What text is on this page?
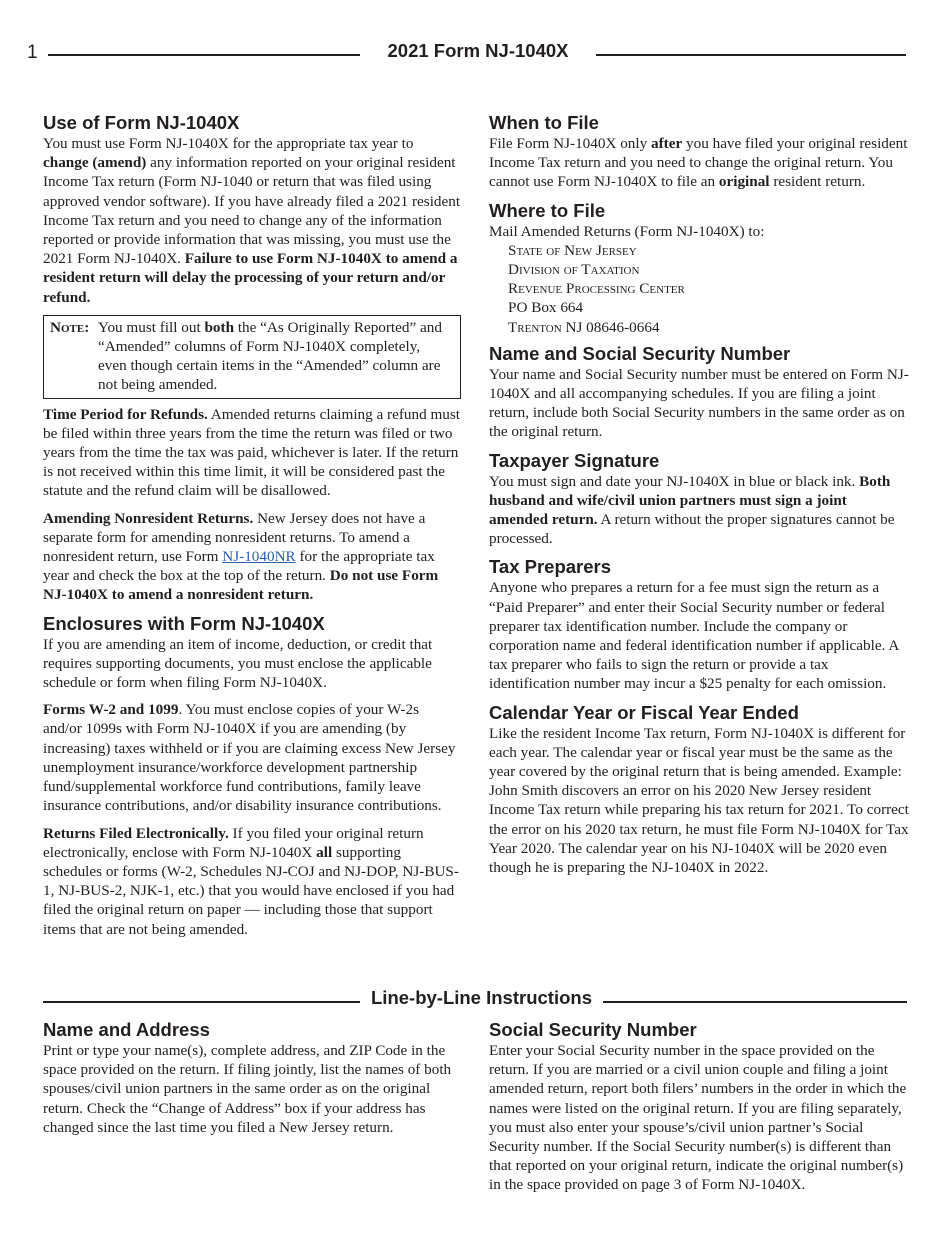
1	2021 Form NJ-1040X
Use of Form NJ-1040X

You must use Form NJ-1040X for the appropriate tax year to change (amend) any information reported on your original resident Income Tax return (Form NJ-1040 or return that was filed using approved vendor software). If you have already filed a 2021 resident Income Tax return and you need to change any of the information reported or provide information that was missing, you must use the 2021 Form NJ-1040X. Failure to use Form NJ-1040X to amend a resident return will delay the processing of your return and/or refund.

Note: You must fill out both the “As Originally Reported” and “Amended” columns of Form NJ-1040X completely, even though certain items in the “Amended” column are not being amended.

Time Period for Refunds. Amended returns claiming a refund must be filed within three years from the time the return was filed or two years from the time the tax was paid, whichever is later. If the return is not received within this time limit, it will be considered past the statute and the refund claim will be disallowed.

Amending Nonresident Returns. New Jersey does not have a separate form for amending nonresident returns. To amend a nonresident return, use Form NJ-1040NR for the appropriate tax year and check the box at the top of the return. Do not use Form NJ-1040X to amend a nonresident return.

Enclosures with Form NJ-1040X

If you are amending an item of income, deduction, or credit that requires supporting documents, you must enclose the applicable schedule or form when filing Form NJ-1040X.

Forms W-2 and 1099. You must enclose copies of your W-2s and/or 1099s with Form NJ-1040X if you are amending (by increasing) taxes withheld or if you are claiming excess New Jersey unemployment insurance/workforce development partnership fund/supplemental workforce fund contributions, family leave insurance contributions, and/or disability insurance contributions.

Returns Filed Electronically. If you filed your original return electronically, enclose with Form NJ-1040X all supporting schedules or forms (W-2, Schedules NJ-COJ and NJ-DOP, NJ-BUS-1, NJ-BUS-2, NJK-1, etc.) that you would have enclosed if you had filed the original return on paper — including those that support items that are not being amended.

When to File

File Form NJ-1040X only after you have filed your original resident Income Tax return and you need to change the original return. You cannot use Form NJ-1040X to file an original resident return.

Where to File

Mail Amended Returns (Form NJ-1040X) to:

State of New Jersey
Division of Taxation
Revenue Processing Center
PO Box 664
Trenton NJ 08646-0664
Name and Social Security Number

Your name and Social Security number must be entered on Form NJ-1040X and all accompanying schedules. If you are filing a joint return, include both Social Security numbers in the same order as on the original return.

Taxpayer Signature

You must sign and date your NJ-1040X in blue or black ink. Both husband and wife/civil union partners must sign a joint amended return. A return without the proper signatures cannot be processed.

Tax Preparers

Anyone who prepares a return for a fee must sign the return as a “Paid Preparer” and enter their Social Security number or federal preparer tax identification number. Include the company or corporation name and federal identification number if applicable. A tax preparer who fails to sign the return or provide a tax identification number may incur a $25 penalty for each omission.

Calendar Year or Fiscal Year Ended

Like the resident Income Tax return, Form NJ-1040X is different for each year. The calendar year or fiscal year must be the same as the year covered by the original return that is being amended. Example: John Smith discovers an error on his 2020 New Jersey resident Income Tax return while preparing his tax return for 2021. To correct the error on his 2020 tax return, he must file Form NJ-1040X for Tax Year 2020. The calendar year on his NJ-1040X will be 2020 even though he is preparing the NJ-1040X in 2022.

Line-by-Line Instructions
Name and Address

Print or type your name(s), complete address, and ZIP Code in the space provided on the return. If filing jointly, list the names of both spouses/civil union partners in the same order as on the original return. Check the “Change of Address” box if your address has changed since the last time you filed a New Jersey return.

Social Security Number

Enter your Social Security number in the space provided on the return. If you are married or a civil union couple and filing a joint amended return, report both filers’ numbers in the order in which the names were listed on the original return. If you are filing separately, you must also enter your spouse’s/civil union partner’s Social Security number. If the Social Security number(s) is different than that reported on your original return, indicate the original number(s) in the space provided on page 3 of Form NJ-1040X.
